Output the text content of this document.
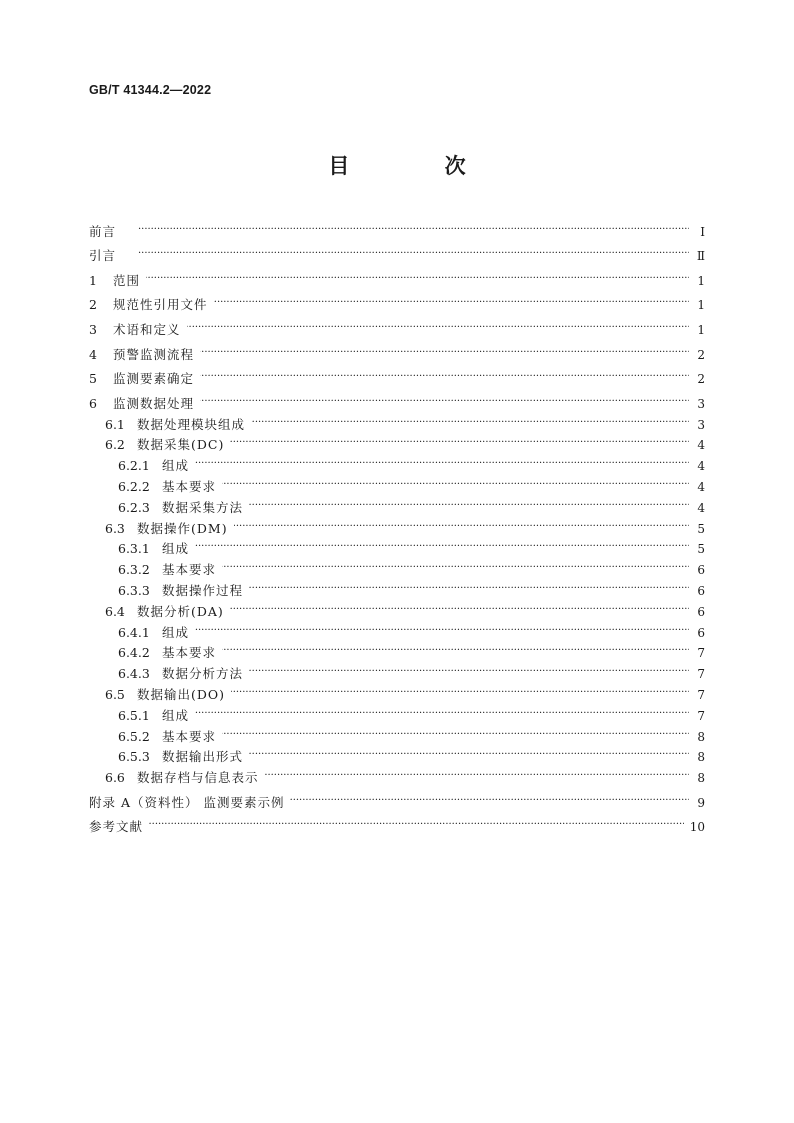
GB/T 41344.2—2022
目 次
前言 · · ·	Ⅰ
引言 · · ·	Ⅱ
1	范围 · · ·	1
2	规范性引用文件 · · ·	1
3	术语和定义 · · ·	1
4	预警监测流程 · · ·	2
5	监测要素确定 · · ·	2
6	监测数据处理 · · ·	3
6.1 数据处理模块组成 · · ·	3
6.2 数据采集(DC) · · ·	4
6.2.1 组成 · · ·	4
6.2.2 基本要求 · · ·	4
6.2.3 数据采集方法 · · ·	4
6.3 数据操作(DM) · · ·	5
6.3.1 组成 · · ·	5
6.3.2 基本要求 · · ·	6
6.3.3 数据操作过程 · · ·	6
6.4 数据分析(DA) · · ·	6
6.4.1 组成 · · ·	6
6.4.2 基本要求 · · ·	7
6.4.3 数据分析方法 · · ·	7
6.5 数据输出(DO) · · ·	7
6.5.1 组成 · · ·	7
6.5.2 基本要求 · · ·	8
6.5.3 数据输出形式 · · ·	8
6.6 数据存档与信息表示 · · ·	8
附录 A（资料性） 监测要素示例 · · ·	9
参考文献 · · ·	10
